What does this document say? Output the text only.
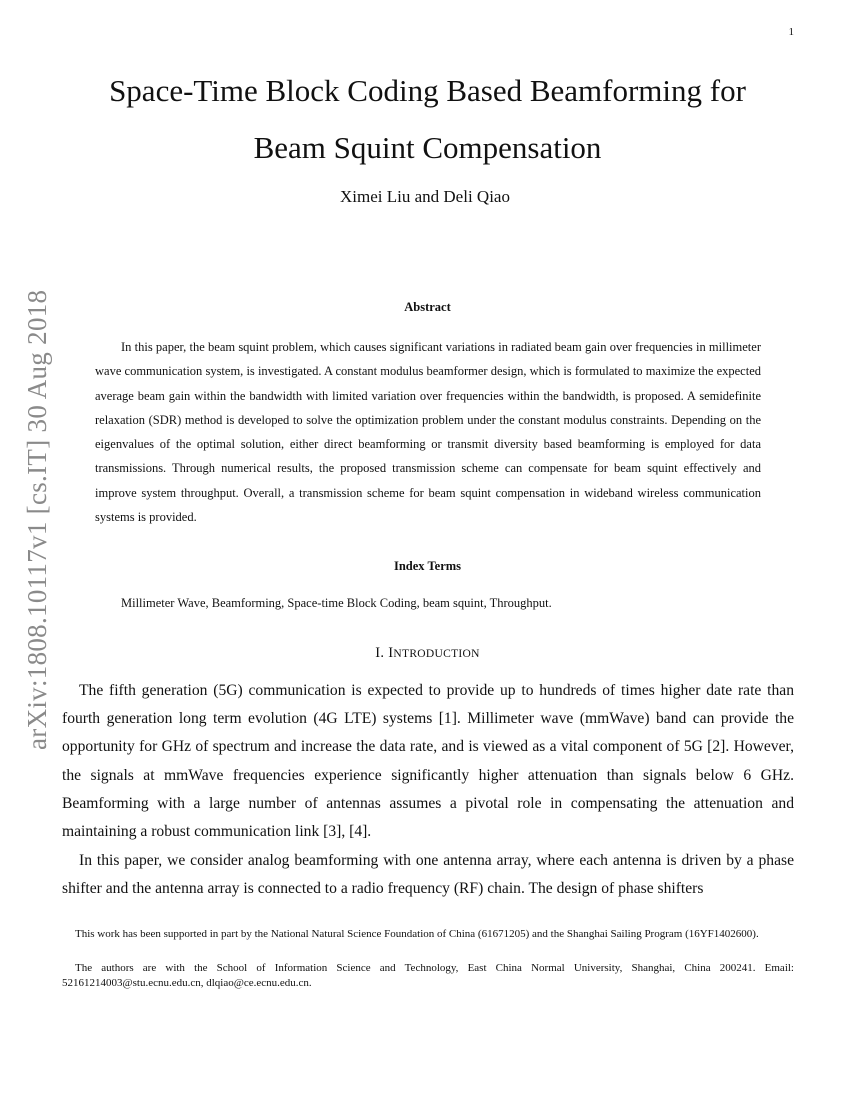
1
arXiv:1808.10117v1 [cs.IT] 30 Aug 2018
Space-Time Block Coding Based Beamforming for
Beam Squint Compensation
Ximei Liu and Deli Qiao
Abstract

In this paper, the beam squint problem, which causes significant variations in radiated beam gain over frequencies in millimeter wave communication system, is investigated. A constant modulus beamformer design, which is formulated to maximize the expected average beam gain within the bandwidth with limited variation over frequencies within the bandwidth, is proposed. A semidefinite relaxation (SDR) method is developed to solve the optimization problem under the constant modulus constraints. Depending on the eigenvalues of the optimal solution, either direct beamforming or transmit diversity based beamforming is employed for data transmissions. Through numerical results, the proposed transmission scheme can compensate for beam squint effectively and improve system throughput. Overall, a transmission scheme for beam squint compensation in wideband wireless communication systems is provided.

Index Terms

Millimeter Wave, Beamforming, Space-time Block Coding, beam squint, Throughput.

I. INTRODUCTION

The fifth generation (5G) communication is expected to provide up to hundreds of times higher date rate than fourth generation long term evolution (4G LTE) systems [1]. Millimeter wave (mmWave) band can provide the opportunity for GHz of spectrum and increase the data rate, and is viewed as a vital component of 5G [2]. However, the signals at mmWave frequencies experience significantly higher attenuation than signals below 6 GHz. Beamforming with a large number of antennas assumes a pivotal role in compensating the attenuation and maintaining a robust communication link [3], [4].

In this paper, we consider analog beamforming with one antenna array, where each antenna is driven by a phase shifter and the antenna array is connected to a radio frequency (RF) chain. The design of phase shifters

This work has been supported in part by the National Natural Science Foundation of China (61671205) and the Shanghai Sailing Program (16YF1402600).

The authors are with the School of Information Science and Technology, East China Normal University, Shanghai, China 200241. Email: 52161214003@stu.ecnu.edu.cn, dlqiao@ce.ecnu.edu.cn.
